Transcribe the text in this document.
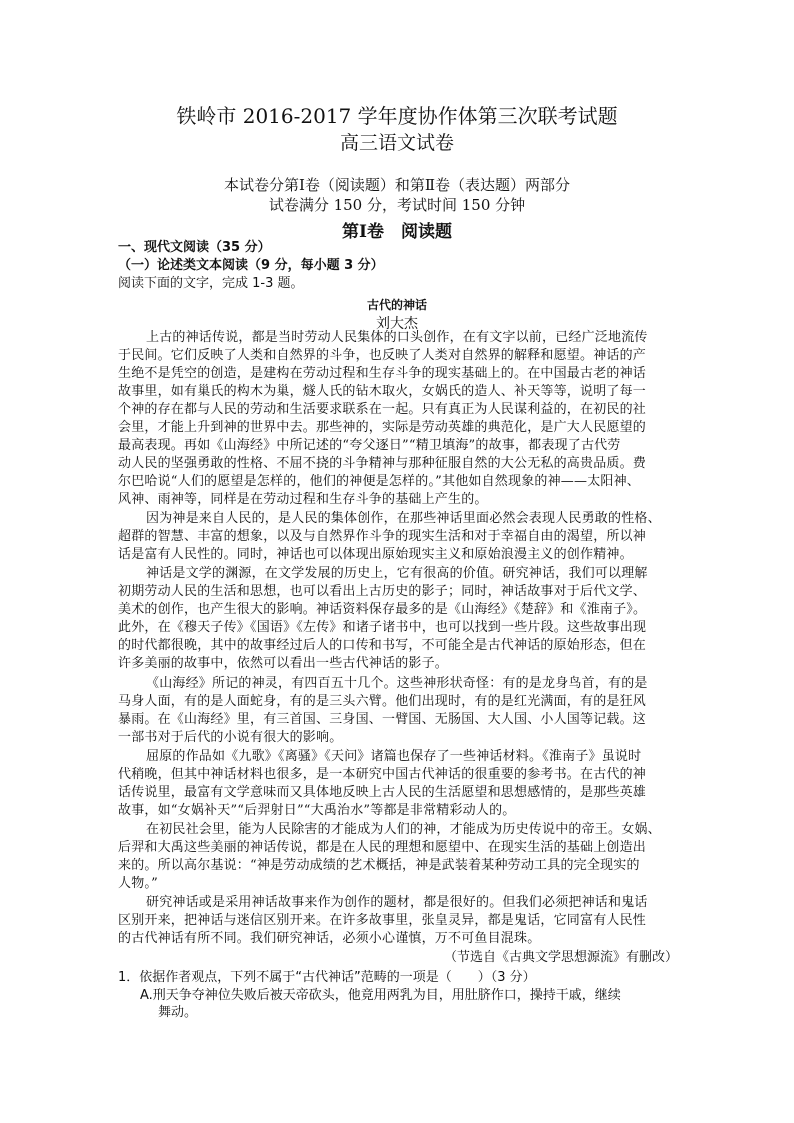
铁岭市 2016-2017 学年度协作体第三次联考试题
高三语文试卷
本试卷分第Ⅰ卷（阅读题）和第Ⅱ卷（表达题）两部分
试卷满分 150 分，考试时间 150 分钟
第Ⅰ卷　阅读题
一、现代文阅读（35 分）
（一）论述类文本阅读（9 分，每小题 3 分）
阅读下面的文字，完成 1-3 题。
古代的神话
刘大杰
上古的神话传说，都是当时劳动人民集体的口头创作，在有文字以前，已经广泛地流传
于民间。它们反映了人类和自然界的斗争，也反映了人类对自然界的解释和愿望。神话的产
生绝不是凭空的创造，是建构在劳动过程和生存斗争的现实基础上的。在中国最古老的神话
故事里，如有巢氏的构木为巢，燧人氏的钻木取火，女娲氏的造人、补天等等，说明了每一
个神的存在都与人民的劳动和生活要求联系在一起。只有真正为人民谋利益的，在初民的社
会里，才能上升到神的世界中去。那些神的，实际是劳动英雄的典范化，是广大人民愿望的
最高表现。再如《山海经》中所记述的“夸父逐日”“精卫填海”的故事，都表现了古代劳
动人民的坚强勇敢的性格、不屈不挠的斗争精神与那种征服自然的大公无私的高贵品质。费
尔巴哈说“人们的愿望是怎样的，他们的神便是怎样的。”其他如自然现象的神——太阳神、
风神、雨神等，同样是在劳动过程和生存斗争的基础上产生的。
因为神是来自人民的，是人民的集体创作，在那些神话里面必然会表现人民勇敢的性格、
超群的智慧、丰富的想象，以及与自然界作斗争的现实生活和对于幸福自由的渴望，所以神
话是富有人民性的。同时，神话也可以体现出原始现实主义和原始浪漫主义的创作精神。
神话是文学的渊源，在文学发展的历史上，它有很高的价值。研究神话，我们可以理解
初期劳动人民的生活和思想，也可以看出上古历史的影子；同时，神话故事对于后代文学、
美术的创作，也产生很大的影响。神话资料保存最多的是《山海经》《楚辞》和《淮南子》。
此外，在《穆天子传》《国语》《左传》和诸子诸书中，也可以找到一些片段。这些故事出现
的时代都很晚，其中的故事经过后人的口传和书写，不可能全是古代神话的原始形态，但在
许多美丽的故事中，依然可以看出一些古代神话的影子。
《山海经》所记的神灵，有四百五十几个。这些神形状奇怪：有的是龙身鸟首，有的是
马身人面，有的是人面蛇身，有的是三头六臂。他们出现时，有的是红光满面，有的是狂风
暴雨。在《山海经》里，有三首国、三身国、一臂国、无肠国、大人国、小人国等记载。这
一部书对于后代的小说有很大的影响。
屈原的作品如《九歌》《离骚》《天问》诸篇也保存了一些神话材料。《淮南子》虽说时
代稍晚，但其中神话材料也很多，是一本研究中国古代神话的很重要的参考书。在古代的神
话传说里，最富有文学意味而又具体地反映上古人民的生活愿望和思想感情的，是那些英雄
故事，如“女娲补天”“后羿射日”“大禹治水”等都是非常精彩动人的。
在初民社会里，能为人民除害的才能成为人们的神，才能成为历史传说中的帝王。女娲、
后羿和大禹这些美丽的神话传说，都是在人民的理想和愿望中、在现实生活的基础上创造出
来的。所以高尔基说：“神是劳动成绩的艺术概括，神是武装着某种劳动工具的完全现实的
人物。”
研究神话或是采用神话故事来作为创作的题材，都是很好的。但我们必须把神话和鬼话
区别开来，把神话与迷信区别开来。在许多故事里，张皇灵异，都是鬼话，它同富有人民性
的古代神话有所不同。我们研究神话，必须小心谨慎，万不可鱼目混珠。
（节选自《古典文学思想源流》有删改）
1．依据作者观点，下列不属于“古代神话”范畴的一项是（　　）（3 分）
A.刑天争夺神位失败后被天帝砍头，他竟用两乳为目，用肚脐作口，操持干戚，继续
舞动。
